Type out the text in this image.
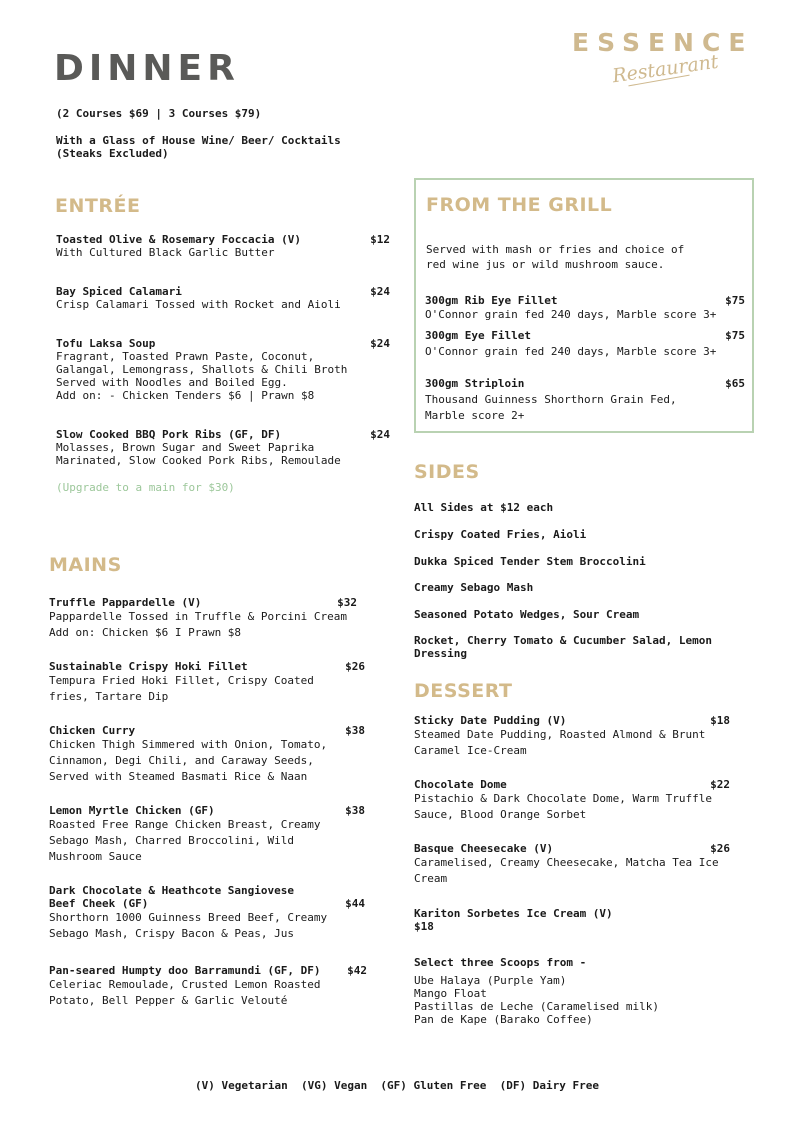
DINNER
ESSENCE
Restaurant
(2 Courses $69 | 3 Courses $79)
With a Glass of House Wine/ Beer/ Cocktails
(Steaks Excluded)
ENTRÉE
Toasted Olive & Rosemary Foccacia (V)	$12
With Cultured Black Garlic Butter
Bay Spiced Calamari	$24
Crisp Calamari Tossed with Rocket and Aioli
Tofu Laksa Soup	$24
Fragrant, Toasted Prawn Paste, Coconut,
Galangal, Lemongrass, Shallots & Chili Broth
Served with Noodles and Boiled Egg.
Add on: - Chicken Tenders $6 | Prawn $8
Slow Cooked BBQ Pork Ribs (GF, DF)	$24
Molasses, Brown Sugar and Sweet Paprika
Marinated, Slow Cooked Pork Ribs, Remoulade
(Upgrade to a main for $30)
MAINS
Truffle Pappardelle (V)	$32
Pappardelle Tossed in Truffle & Porcini Cream
Add on: Chicken $6 I Prawn $8
Sustainable Crispy Hoki Fillet	$26
Tempura Fried Hoki Fillet, Crispy Coated
fries, Tartare Dip
Chicken Curry	$38
Chicken Thigh Simmered with Onion, Tomato,
Cinnamon, Degi Chili, and Caraway Seeds,
Served with Steamed Basmati Rice & Naan
Lemon Myrtle Chicken (GF)	$38
Roasted Free Range Chicken Breast, Creamy
Sebago Mash, Charred Broccolini, Wild
Mushroom Sauce
Dark Chocolate & Heathcote Sangiovese
Beef Cheek (GF)	$44
Shorthorn 1000 Guinness Breed Beef, Creamy
Sebago Mash, Crispy Bacon & Peas, Jus
Pan-seared Humpty doo Barramundi (GF, DF) $42
Celeriac Remoulade, Crusted Lemon Roasted
Potato, Bell Pepper & Garlic Velouté
FROM THE GRILL
Served with mash or fries and choice of
red wine jus or wild mushroom sauce.
300gm Rib Eye Fillet	$75
O'Connor grain fed 240 days, Marble score 3+
300gm Eye Fillet	$75
O'Connor grain fed 240 days, Marble score 3+
300gm Striploin	$65
Thousand Guinness Shorthorn Grain Fed,
Marble score 2+
SIDES
All Sides at $12 each
Crispy Coated Fries, Aioli
Dukka Spiced Tender Stem Broccolini
Creamy Sebago Mash
Seasoned Potato Wedges, Sour Cream
Rocket, Cherry Tomato & Cucumber Salad, Lemon
Dressing
DESSERT
Sticky Date Pudding (V)	$18
Steamed Date Pudding, Roasted Almond & Brunt
Caramel Ice-Cream
Chocolate Dome	$22
Pistachio & Dark Chocolate Dome, Warm Truffle
Sauce, Blood Orange Sorbet
Basque Cheesecake (V)	$26
Caramelised, Creamy Cheesecake, Matcha Tea Ice
Cream
Kariton Sorbetes Ice Cream (V)
$18
Select three Scoops from -
Ube Halaya (Purple Yam)
Mango Float
Pastillas de Leche (Caramelised milk)
Pan de Kape (Barako Coffee)
(V) Vegetarian  (VG) Vegan  (GF) Gluten Free  (DF) Dairy Free
